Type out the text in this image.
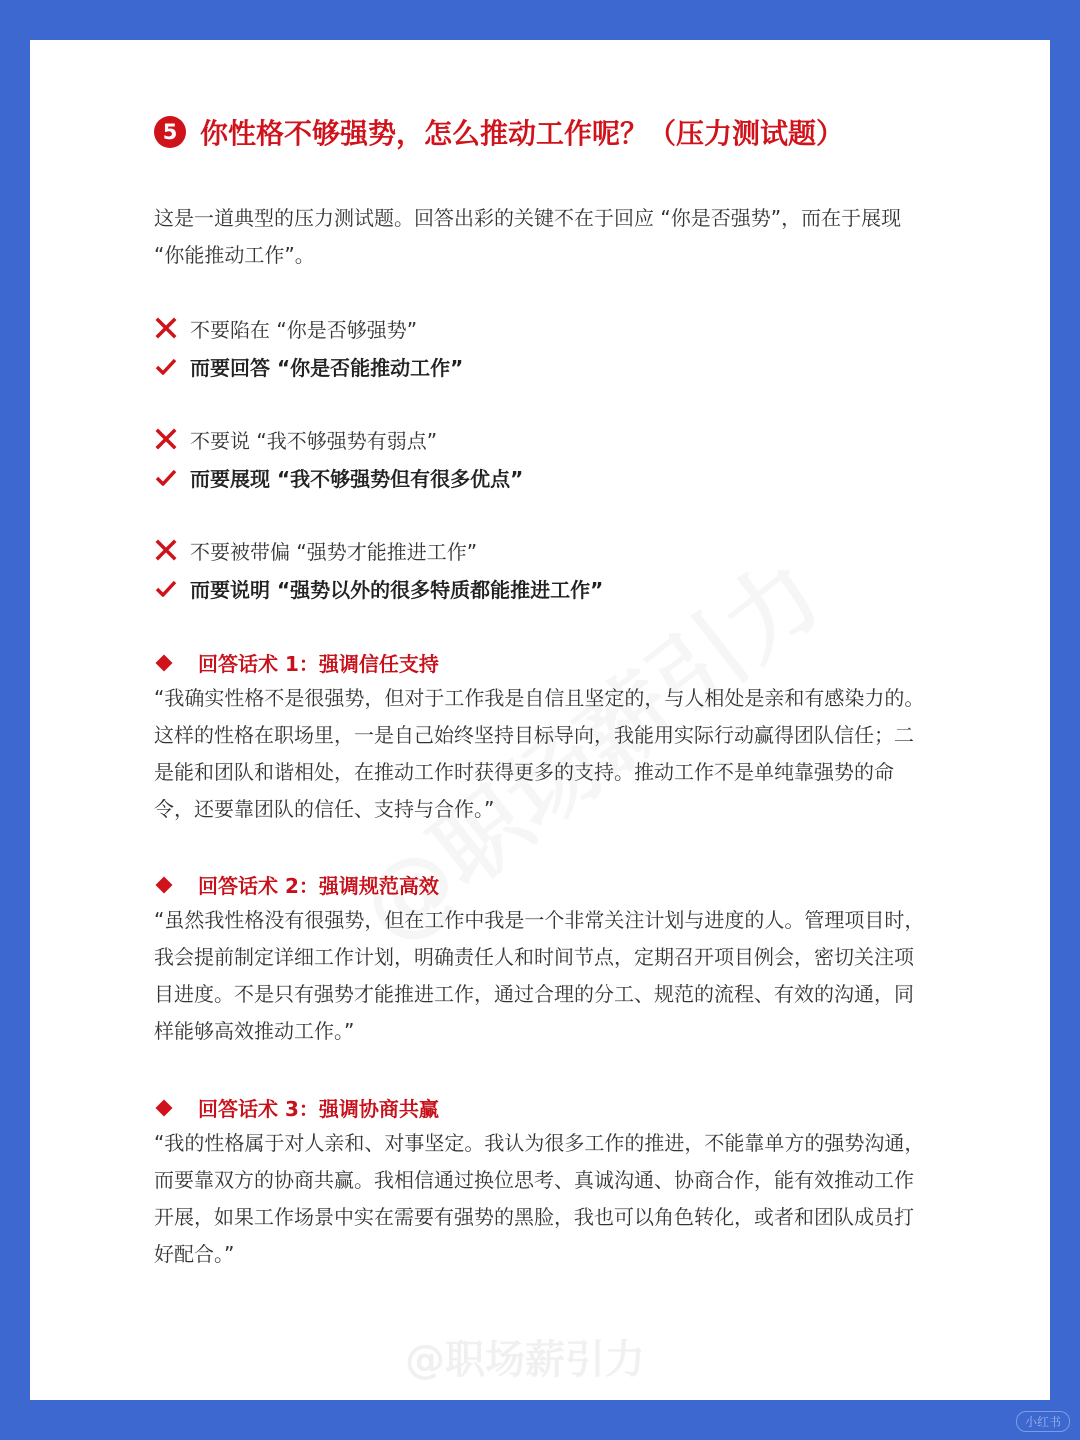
5 你性格不够强势，怎么推动工作呢？（压力测试题）

这是一道典型的压力测试题。回答出彩的关键不在于回应 “你是否强势”，而在于展现 “你能推动工作”。

不要陷在 “你是否够强势”
而要回答 “你是否能推动工作”
不要说 “我不够强势有弱点”
而要展现 “我不够强势但有很多优点”
不要被带偏 “强势才能推进工作”
而要说明 “强势以外的很多特质都能推进工作”
回答话术 1：强调信任支持

“我确实性格不是很强势，但对于工作我是自信且坚定的，与人相处是亲和有感染力的。这样的性格在职场里，一是自己始终坚持目标导向，我能用实际行动赢得团队信任；二是能和团队和谐相处，在推动工作时获得更多的支持。推动工作不是单纯靠强势的命令，还要靠团队的信任、支持与合作。”

回答话术 2：强调规范高效

“虽然我性格没有很强势，但在工作中我是一个非常关注计划与进度的人。管理项目时，我会提前制定详细工作计划，明确责任人和时间节点，定期召开项目例会，密切关注项目进度。不是只有强势才能推进工作，通过合理的分工、规范的流程、有效的沟通，同样能够高效推动工作。”

回答话术 3：强调协商共赢

“我的性格属于对人亲和、对事坚定。我认为很多工作的推进，不能靠单方的强势沟通，而要靠双方的协商共赢。我相信通过换位思考、真诚沟通、协商合作，能有效推动工作开展，如果工作场景中实在需要有强势的黑脸，我也可以角色转化，或者和团队成员打好配合。”

@职场薪引力
小红书
